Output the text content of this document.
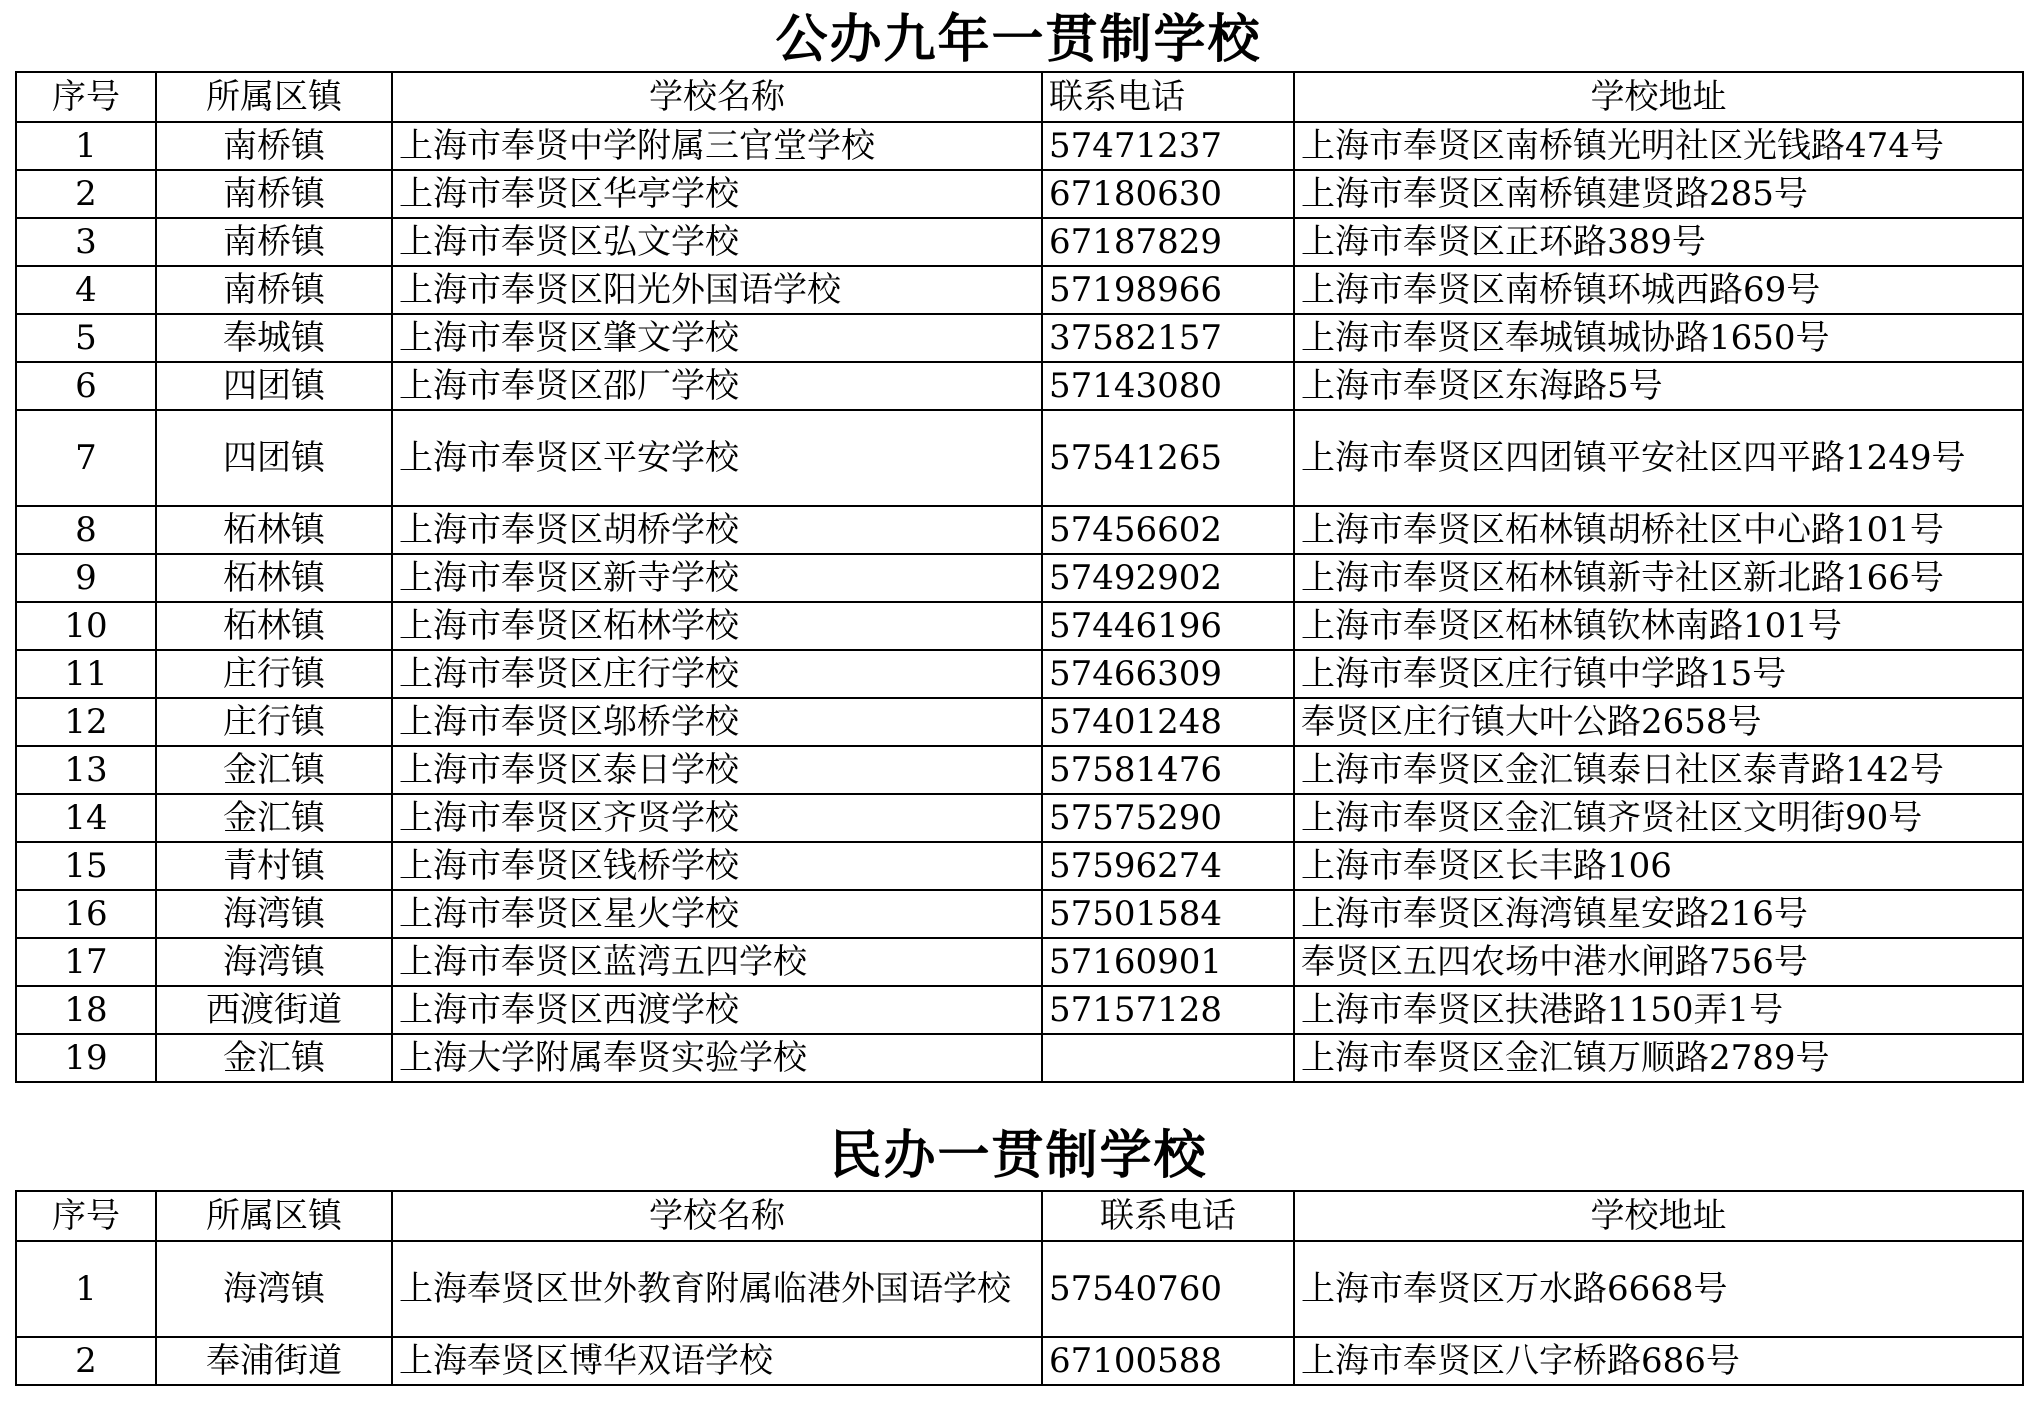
公办九年一贯制学校
序号	所属区镇	学校名称	联系电话	学校地址
1	南桥镇	上海市奉贤中学附属三官堂学校	57471237	上海市奉贤区南桥镇光明社区光钱路474号
2	南桥镇	上海市奉贤区华亭学校	67180630	上海市奉贤区南桥镇建贤路285号
3	南桥镇	上海市奉贤区弘文学校	67187829	上海市奉贤区正环路389号
4	南桥镇	上海市奉贤区阳光外国语学校	57198966	上海市奉贤区南桥镇环城西路69号
5	奉城镇	上海市奉贤区肇文学校	37582157	上海市奉贤区奉城镇城协路1650号
6	四团镇	上海市奉贤区邵厂学校	57143080	上海市奉贤区东海路5号
7	四团镇	上海市奉贤区平安学校	57541265	上海市奉贤区四团镇平安社区四平路1249号
8	柘林镇	上海市奉贤区胡桥学校	57456602	上海市奉贤区柘林镇胡桥社区中心路101号
9	柘林镇	上海市奉贤区新寺学校	57492902	上海市奉贤区柘林镇新寺社区新北路166号
10	柘林镇	上海市奉贤区柘林学校	57446196	上海市奉贤区柘林镇钦林南路101号
11	庄行镇	上海市奉贤区庄行学校	57466309	上海市奉贤区庄行镇中学路15号
12	庄行镇	上海市奉贤区邬桥学校	57401248	奉贤区庄行镇大叶公路2658号
13	金汇镇	上海市奉贤区泰日学校	57581476	上海市奉贤区金汇镇泰日社区泰青路142号
14	金汇镇	上海市奉贤区齐贤学校	57575290	上海市奉贤区金汇镇齐贤社区文明街90号
15	青村镇	上海市奉贤区钱桥学校	57596274	上海市奉贤区长丰路106
16	海湾镇	上海市奉贤区星火学校	57501584	上海市奉贤区海湾镇星安路216号
17	海湾镇	上海市奉贤区蓝湾五四学校	57160901	奉贤区五四农场中港水闸路756号
18	西渡街道	上海市奉贤区西渡学校	57157128	上海市奉贤区扶港路1150弄1号
19	金汇镇	上海大学附属奉贤实验学校		上海市奉贤区金汇镇万顺路2789号
民办一贯制学校
序号	所属区镇	学校名称	联系电话	学校地址
1	海湾镇	上海奉贤区世外教育附属临港外国语学校	57540760	上海市奉贤区万水路6668号
2	奉浦街道	上海奉贤区博华双语学校	67100588	上海市奉贤区八字桥路686号
